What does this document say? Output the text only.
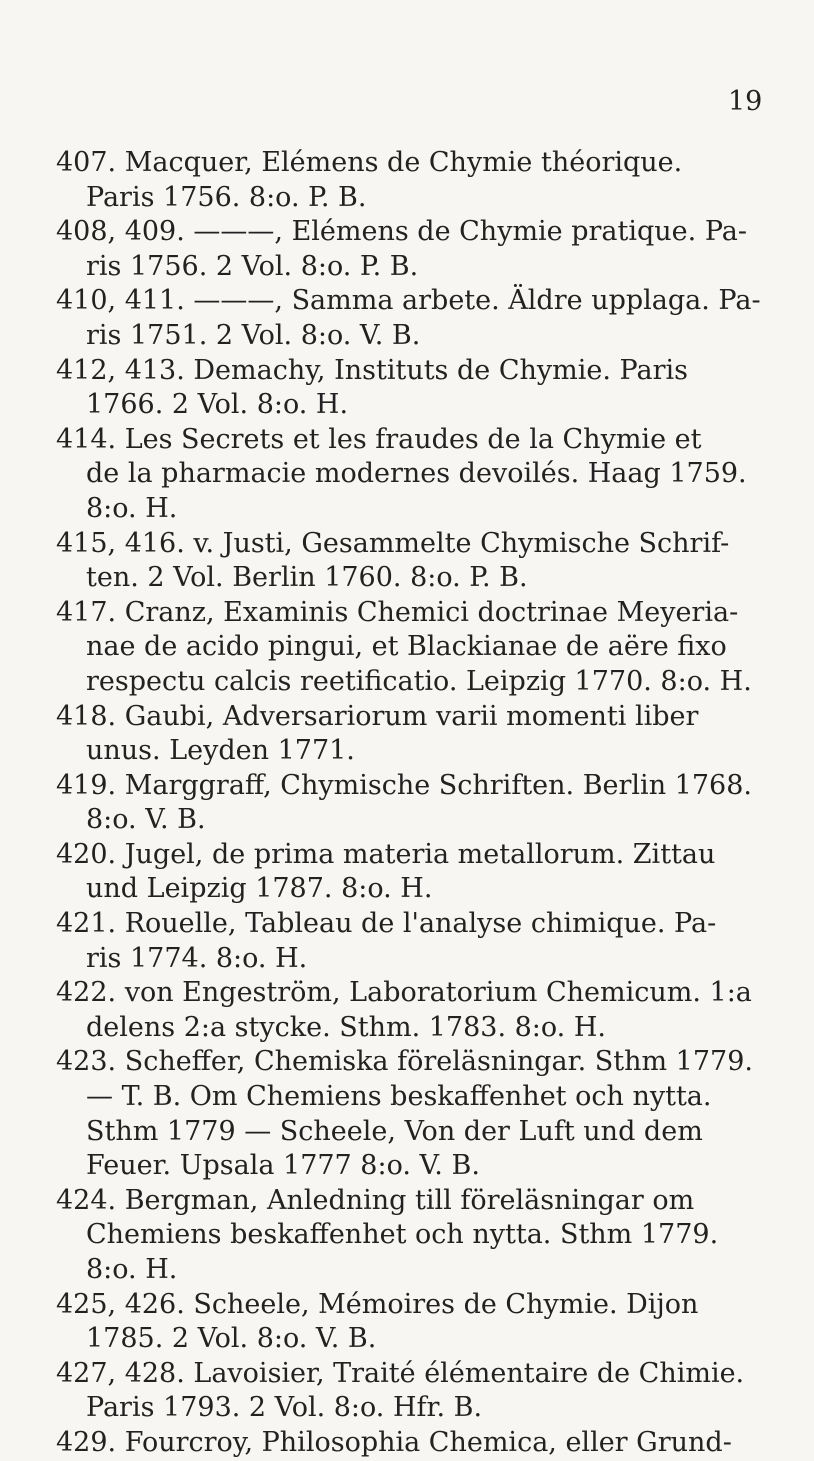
19
407. Macquer, Elémens de Chymie théorique.
Paris 1756. 8:o. P. B.
408, 409. ———, Elémens de Chymie pratique. Pa-
ris 1756. 2 Vol. 8:o. P. B.
410, 411. ———, Samma arbete. Äldre upplaga. Pa-
ris 1751. 2 Vol. 8:o. V. B.
412, 413. Demachy, Instituts de Chymie. Paris
1766. 2 Vol. 8:o. H.
414. Les Secrets et les fraudes de la Chymie et
de la pharmacie modernes devoilés. Haag 1759.
8:o. H.
415, 416. v. Justi, Gesammelte Chymische Schrif-
ten. 2 Vol. Berlin 1760. 8:o. P. B.
417. Cranz, Examinis Chemici doctrinae Meyeria-
nae de acido pingui, et Blackianae de aëre fixo
respectu calcis reetificatio. Leipzig 1770. 8:o. H.
418. Gaubi, Adversariorum varii momenti liber
unus. Leyden 1771.
419. Marggraff, Chymische Schriften. Berlin 1768.
8:o. V. B.
420. Jugel, de prima materia metallorum. Zittau
und Leipzig 1787. 8:o. H.
421. Rouelle, Tableau de l'analyse chimique. Pa-
ris 1774. 8:o. H.
422. von Engeström, Laboratorium Chemicum. 1:a
delens 2:a stycke. Sthm. 1783. 8:o. H.
423. Scheffer, Chemiska föreläsningar. Sthm 1779.
— T. B. Om Chemiens beskaffenhet och nytta.
Sthm 1779 — Scheele, Von der Luft und dem
Feuer. Upsala 1777 8:o. V. B.
424. Bergman, Anledning till föreläsningar om
Chemiens beskaffenhet och nytta. Sthm 1779.
8:o. H.
425, 426. Scheele, Mémoires de Chymie. Dijon
1785. 2 Vol. 8:o. V. B.
427, 428. Lavoisier, Traité élémentaire de Chimie.
Paris 1793. 2 Vol. 8:o. Hfr. B.
429. Fourcroy, Philosophia Chemica, eller Grund-
